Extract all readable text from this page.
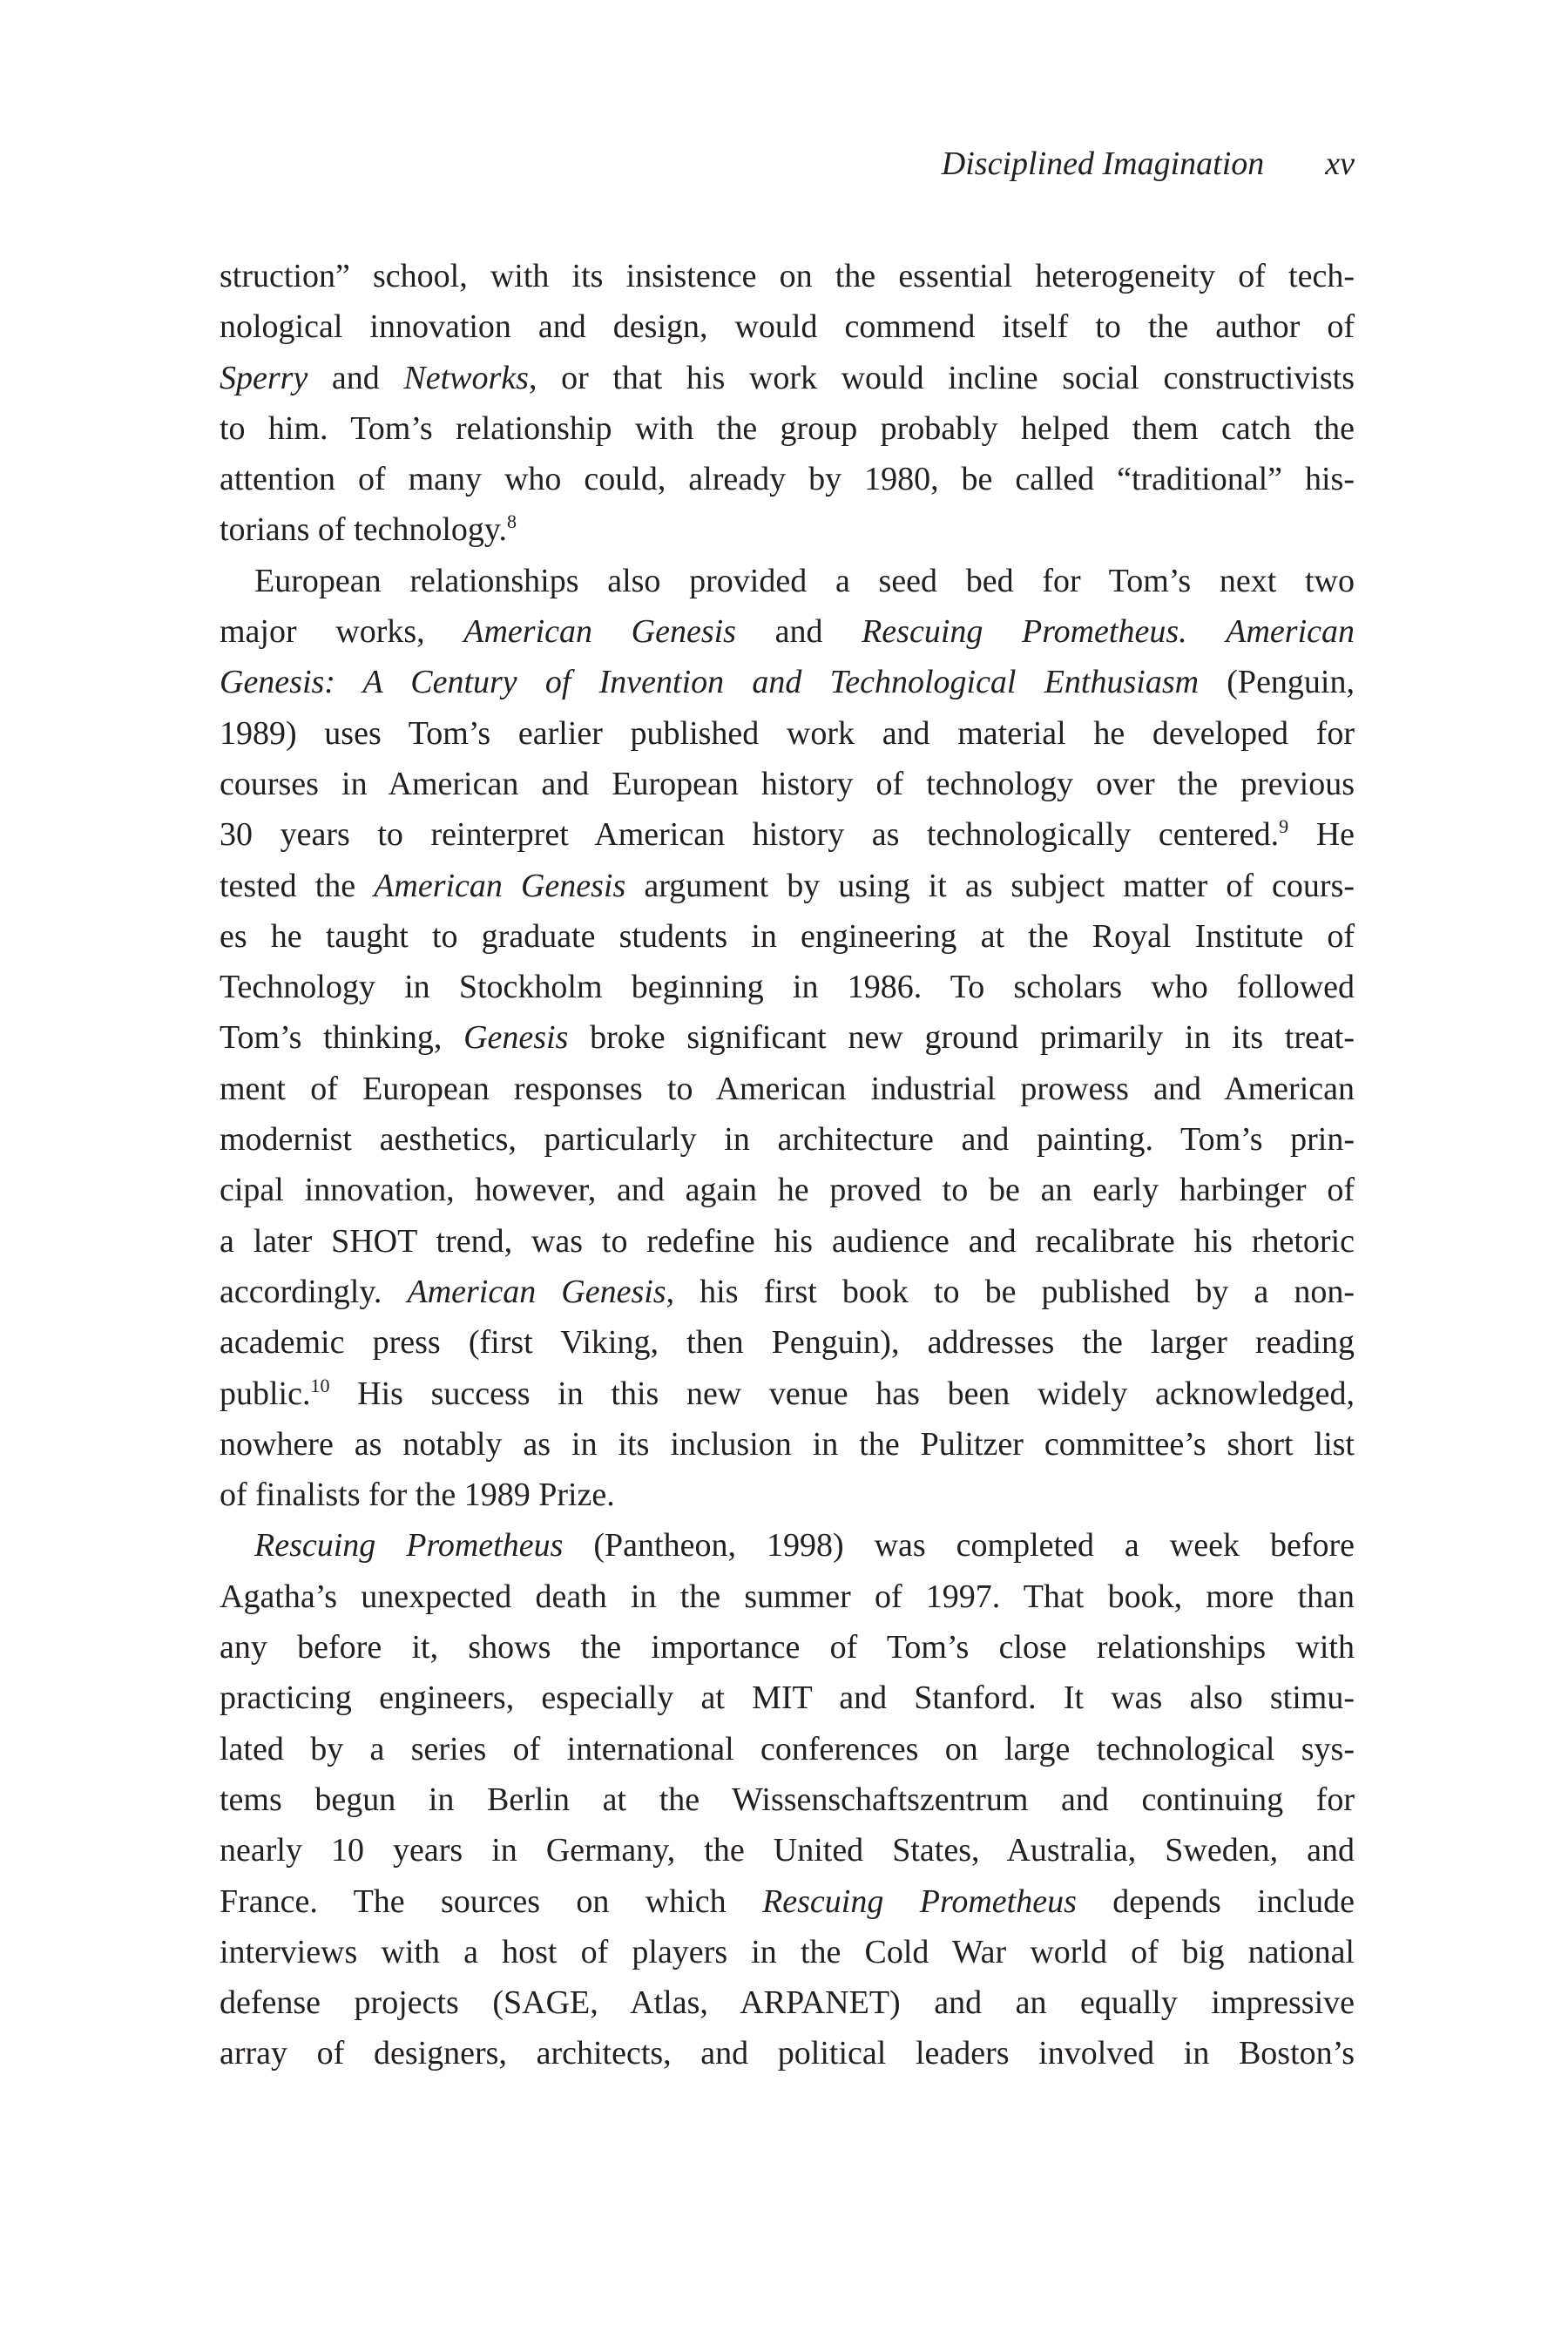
Disciplined Imagination xv
struction” school, with its insistence on the essential heterogeneity of tech-
nological innovation and design, would commend itself to the author of
Sperry and Networks, or that his work would incline social constructivists
to him. Tom’s relationship with the group probably helped them catch the
attention of many who could, already by 1980, be called “traditional” his-
torians of technology.$^8$
European relationships also provided a seed bed for Tom’s next two
major works, American Genesis and Rescuing Prometheus. American
Genesis: A Century of Invention and Technological Enthusiasm (Penguin,
1989) uses Tom’s earlier published work and material he developed for
courses in American and European history of technology over the previous
30 years to reinterpret American history as technologically centered.$^9$ He
tested the American Genesis argument by using it as subject matter of cours-
es he taught to graduate students in engineering at the Royal Institute of
Technology in Stockholm beginning in 1986. To scholars who followed
Tom’s thinking, Genesis broke significant new ground primarily in its treat-
ment of European responses to American industrial prowess and American
modernist aesthetics, particularly in architecture and painting. Tom’s prin-
cipal innovation, however, and again he proved to be an early harbinger of
a later SHOT trend, was to redefine his audience and recalibrate his rhetoric
accordingly. American Genesis, his first book to be published by a non-
academic press (first Viking, then Penguin), addresses the larger reading
public.$^{10}$ His success in this new venue has been widely acknowledged,
nowhere as notably as in its inclusion in the Pulitzer committee’s short list
of finalists for the 1989 Prize.
Rescuing Prometheus (Pantheon, 1998) was completed a week before
Agatha’s unexpected death in the summer of 1997. That book, more than
any before it, shows the importance of Tom’s close relationships with
practicing engineers, especially at MIT and Stanford. It was also stimu-
lated by a series of international conferences on large technological sys-
tems begun in Berlin at the Wissenschaftszentrum and continuing for
nearly 10 years in Germany, the United States, Australia, Sweden, and
France. The sources on which Rescuing Prometheus depends include
interviews with a host of players in the Cold War world of big national
defense projects (SAGE, Atlas, ARPANET) and an equally impressive
array of designers, architects, and political leaders involved in Boston’s
